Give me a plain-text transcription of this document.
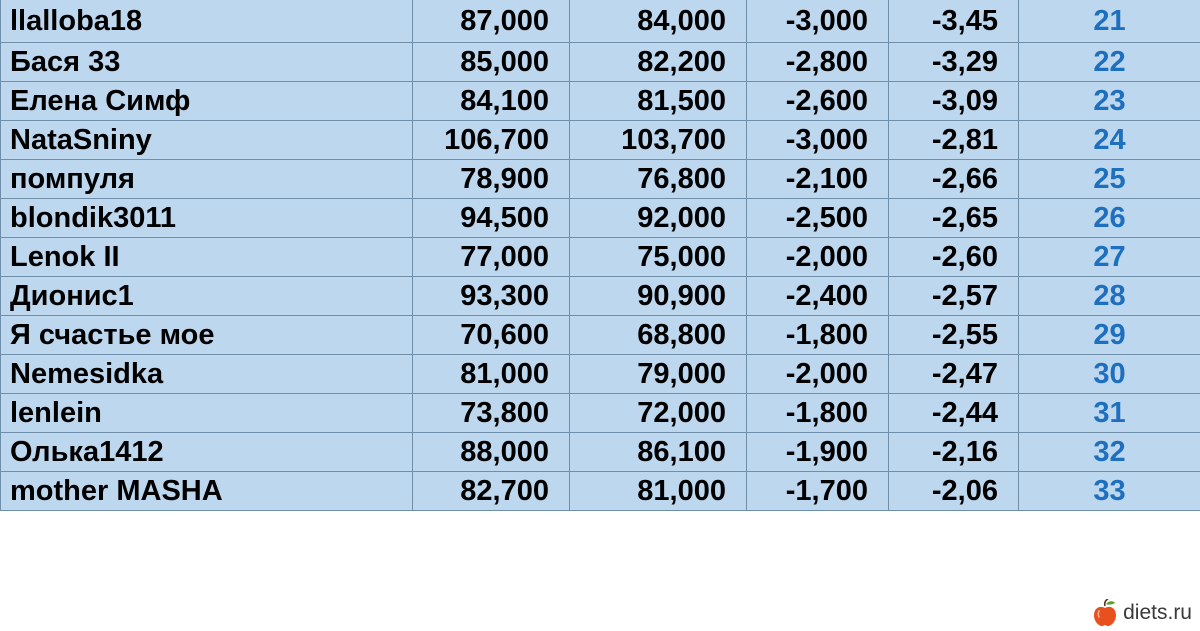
llalloba18	87,000	84,000	-3,000	-3,45	21
Бася 33	85,000	82,200	-2,800	-3,29	22
Елена Симф	84,100	81,500	-2,600	-3,09	23
NataSniny	106,700	103,700	-3,000	-2,81	24
помпуля	78,900	76,800	-2,100	-2,66	25
blondik3011	94,500	92,000	-2,500	-2,65	26
Lenok II	77,000	75,000	-2,000	-2,60	27
Дионис1	93,300	90,900	-2,400	-2,57	28
Я счастье мое	70,600	68,800	-1,800	-2,55	29
Nemesidka	81,000	79,000	-2,000	-2,47	30
lenlein	73,800	72,000	-1,800	-2,44	31
Олька1412	88,000	86,100	-1,900	-2,16	32
mother MASHA	82,700	81,000	-1,700	-2,06	33
diets.ru
